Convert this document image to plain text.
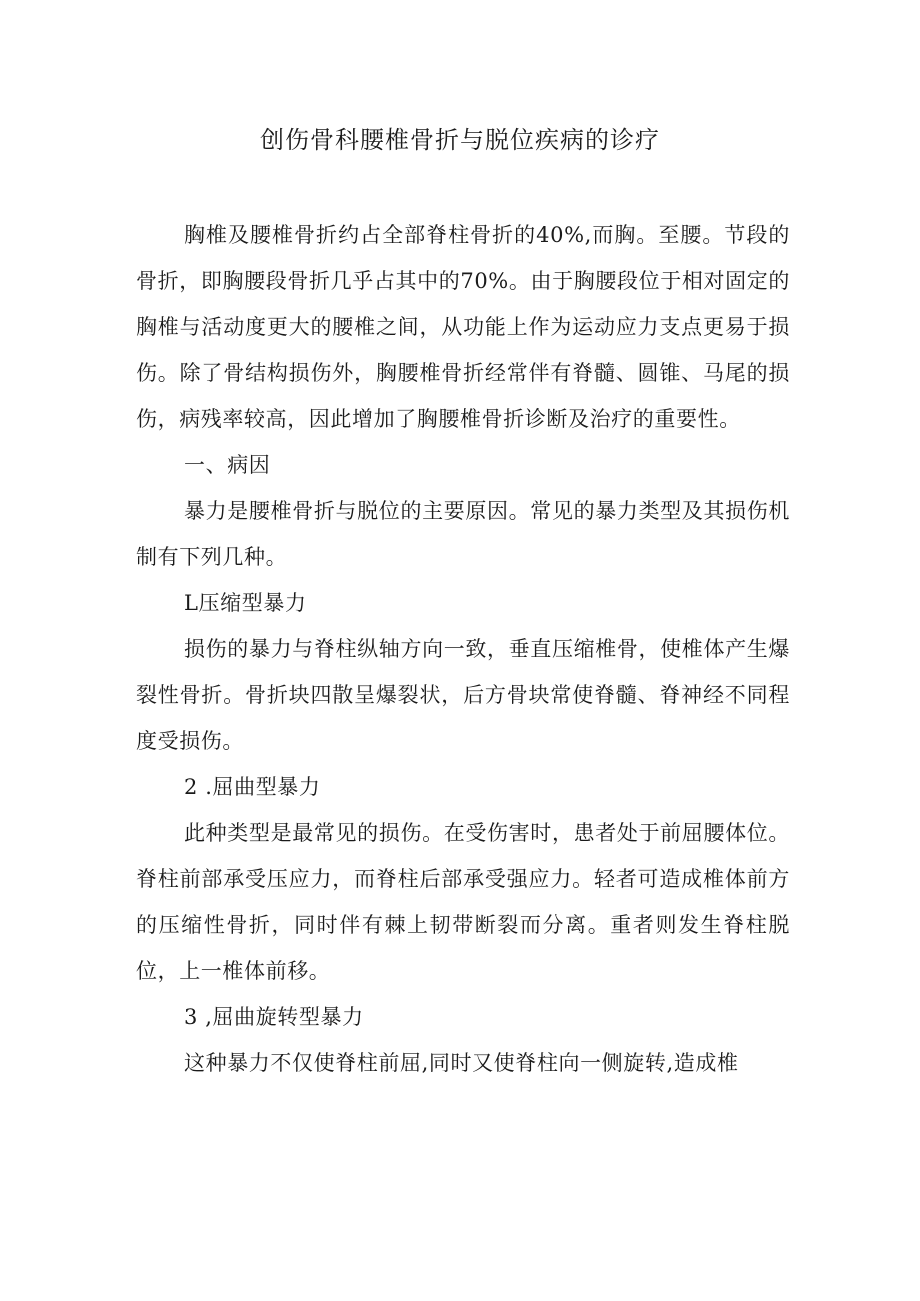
创伤骨科腰椎骨折与脱位疾病的诊疗

胸椎及腰椎骨折约占全部脊柱骨折的40%,而胸。至腰。节段的骨折，即胸腰段骨折几乎占其中的70%。由于胸腰段位于相对固定的胸椎与活动度更大的腰椎之间，从功能上作为运动应力支点更易于损伤。除了骨结构损伤外，胸腰椎骨折经常伴有脊髓、圆锥、马尾的损伤，病残率较高，因此增加了胸腰椎骨折诊断及治疗的重要性。

一、病因

暴力是腰椎骨折与脱位的主要原因。常见的暴力类型及其损伤机制有下列几种。

L压缩型暴力

损伤的暴力与脊柱纵轴方向一致，垂直压缩椎骨，使椎体产生爆裂性骨折。骨折块四散呈爆裂状，后方骨块常使脊髓、脊神经不同程度受损伤。

2 .屈曲型暴力

此种类型是最常见的损伤。在受伤害时，患者处于前屈腰体位。脊柱前部承受压应力，而脊柱后部承受强应力。轻者可造成椎体前方的压缩性骨折，同时伴有棘上韧带断裂而分离。重者则发生脊柱脱位，上一椎体前移。

3 ,屈曲旋转型暴力

这种暴力不仅使脊柱前屈,同时又使脊柱向一侧旋转,造成椎
